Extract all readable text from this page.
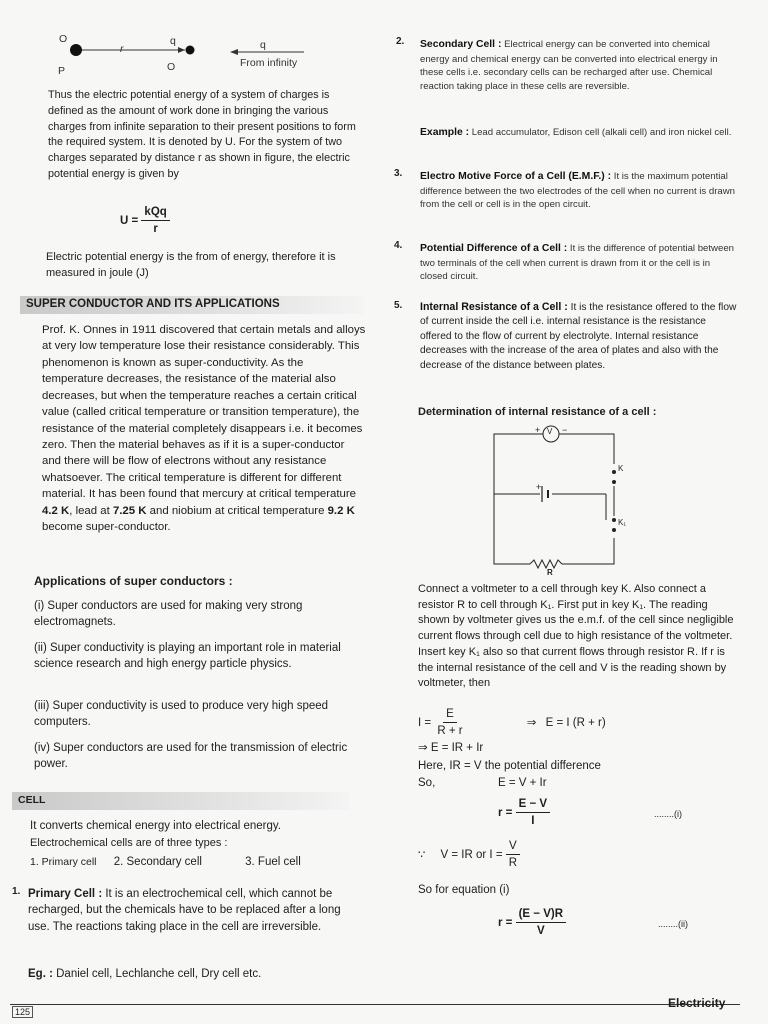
O	q
P
r
O
q
From infinity

Thus the electric potential energy of a system of charges is defined as the amount of work done in bringing the various charges from infinite separation to their present positions to form the required system. It is denoted by U. For the system of two charges separated by distance r as shown in figure, the electric potential energy is given by

$U = \frac{\text{kQq}}{r}$

Electric potential energy is the from of energy, therefore it is measured in joule (J)

SUPER CONDUCTOR AND ITS APPLICATIONS

Prof. K. Onnes in 1911 discovered that certain metals and alloys at very low temperature lose their resistance considerably. This phenomenon is known as super-conductivity. As the temperature decreases, the resistance of the material also decreases, but when the temperature reaches a certain critical value (called critical temperature or transition temperature), the resistance of the material completely disappears i.e. it becomes zero. Then the material behaves as if it is a super-conductor and there will be flow of electrons without any resistance whatsoever. The critical temperature is different for different material. It has been found that mercury at critical temperature 4.2 K, lead at 7.25 K and niobium at critical temperature 9.2 K become super-conductor.

Applications of super conductors :

(i) Super conductors are used for making very strong electromagnets.

(ii) Super conductivity is playing an important role in material science research and high energy particle physics.

(iii) Super conductivity is used to produce very high speed computers.

(iv) Super conductors are used for the transmission of electric power.

CELL

It converts chemical energy into electrical energy.

Electrochemical cells are of three types :

1. Primary cell 2. Secondary cell	3. Fuel cell
1. Primary Cell : It is an electrochemical cell, which cannot be recharged, but the chemicals have to be replaced after a long use. The reactions taking place in the cell are irreversible.

Eg. : Daniel cell, Lechlanche cell, Dry cell etc.

2. Secondary Cell : Electrical energy can be converted into chemical energy and chemical energy can be converted into electrical energy in these cells i.e. secondary cells can be recharged after use. Chemical reaction taking place in these cells are reversible.

Example : Lead accumulator, Edison cell (alkali cell) and iron nickel cell.

3. Electro Motive Force of a Cell (E.M.F.) : It is the maximum potential difference between the two electrodes of the cell when no current is drawn from the cell or cell is in the open circuit.

4. Potential Difference of a Cell : It is the difference of potential between two terminals of the cell when current is drawn from it or the cell is in closed circuit.

5. Internal Resistance of a Cell : It is the resistance offered to the flow of current inside the cell i.e. internal resistance is the resistance offered to the flow of current by electrolyte. Internal resistance decreases with the increase of the area of plates and also with the decrease of the distance between plates.

Determination of internal resistance of a cell :

V
+ −
+
K
K₁
R

Connect a voltmeter to a cell through key K. Also connect a resistor R to cell through K₁. First put in key K₁. The reading shown by voltmeter gives us the e.m.f. of the cell since negligible current flows through cell due to high resistance of the voltmeter. Insert key K₁ also so that current flows through resistor R. If r is the internal resistance of the cell and V is the reading shown by voltmeter, then

$I = \frac{E}{R + r}$	⇒ E = I (R + r)

⇒ E = IR + Ir

Here, IR = V the potential difference

So,	E = V + Ir
$r = \frac{E - V}{I}$	........(i)
∵ V = IR or $I = \frac{V}{R}$

So for equation (i)

$r = \frac{(E - V)R}{V}$	........(ii)
125
Electricity
